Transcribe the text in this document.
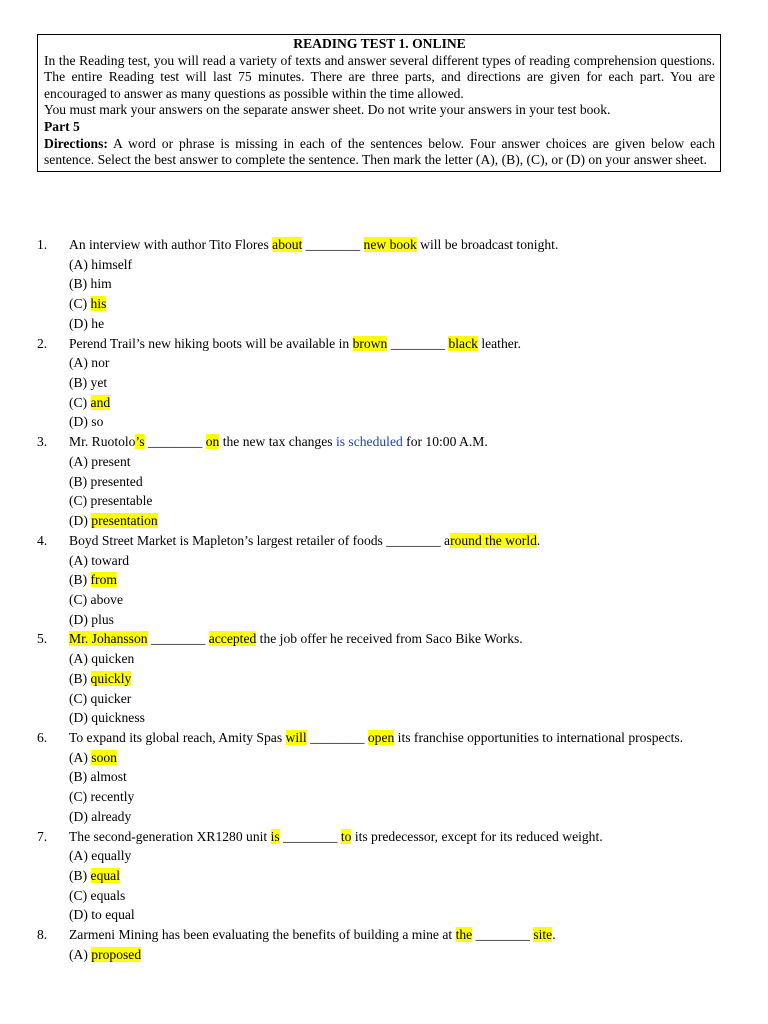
READING TEST 1. ONLINE

In the Reading test, you will read a variety of texts and answer several different types of reading comprehension questions. The entire Reading test will last 75 minutes. There are three parts, and directions are given for each part. You are encouraged to answer as many questions as possible within the time allowed.

You must mark your answers on the separate answer sheet. Do not write your answers in your test book.

Part 5

Directions: A word or phrase is missing in each of the sentences below. Four answer choices are given below each sentence. Select the best answer to complete the sentence. Then mark the letter (A), (B), (C), or (D) on your answer sheet.

1.	An interview with author Tito Flores about ________ new book will be broadcast tonight.
(A) himself
(B) him
(C) his
(D) he
2.	Perend Trail’s new hiking boots will be available in brown ________ black leather.
(A) nor
(B) yet
(C) and
(D) so
3.	Mr. Ruotolo’s ________ on the new tax changes is scheduled for 10:00 A.M.
(A) present
(B) presented
(C) presentable
(D) presentation
4.	Boyd Street Market is Mapleton’s largest retailer of foods ________ around the world.
(A) toward
(B) from
(C) above
(D) plus
5.	Mr. Johansson ________ accepted the job offer he received from Saco Bike Works.
(A) quicken
(B) quickly
(C) quicker
(D) quickness
6. To expand its global reach, Amity Spas will ________ open its franchise opportunities to international prospects.
(A) soon
(B) almost
(C) recently
(D) already
7.	The second-generation XR1280 unit is ________ to its predecessor, except for its reduced weight.
(A) equally
(B) equal
(C) equals
(D) to equal
8.	Zarmeni Mining has been evaluating the benefits of building a mine at the ________ site.
(A) proposed
